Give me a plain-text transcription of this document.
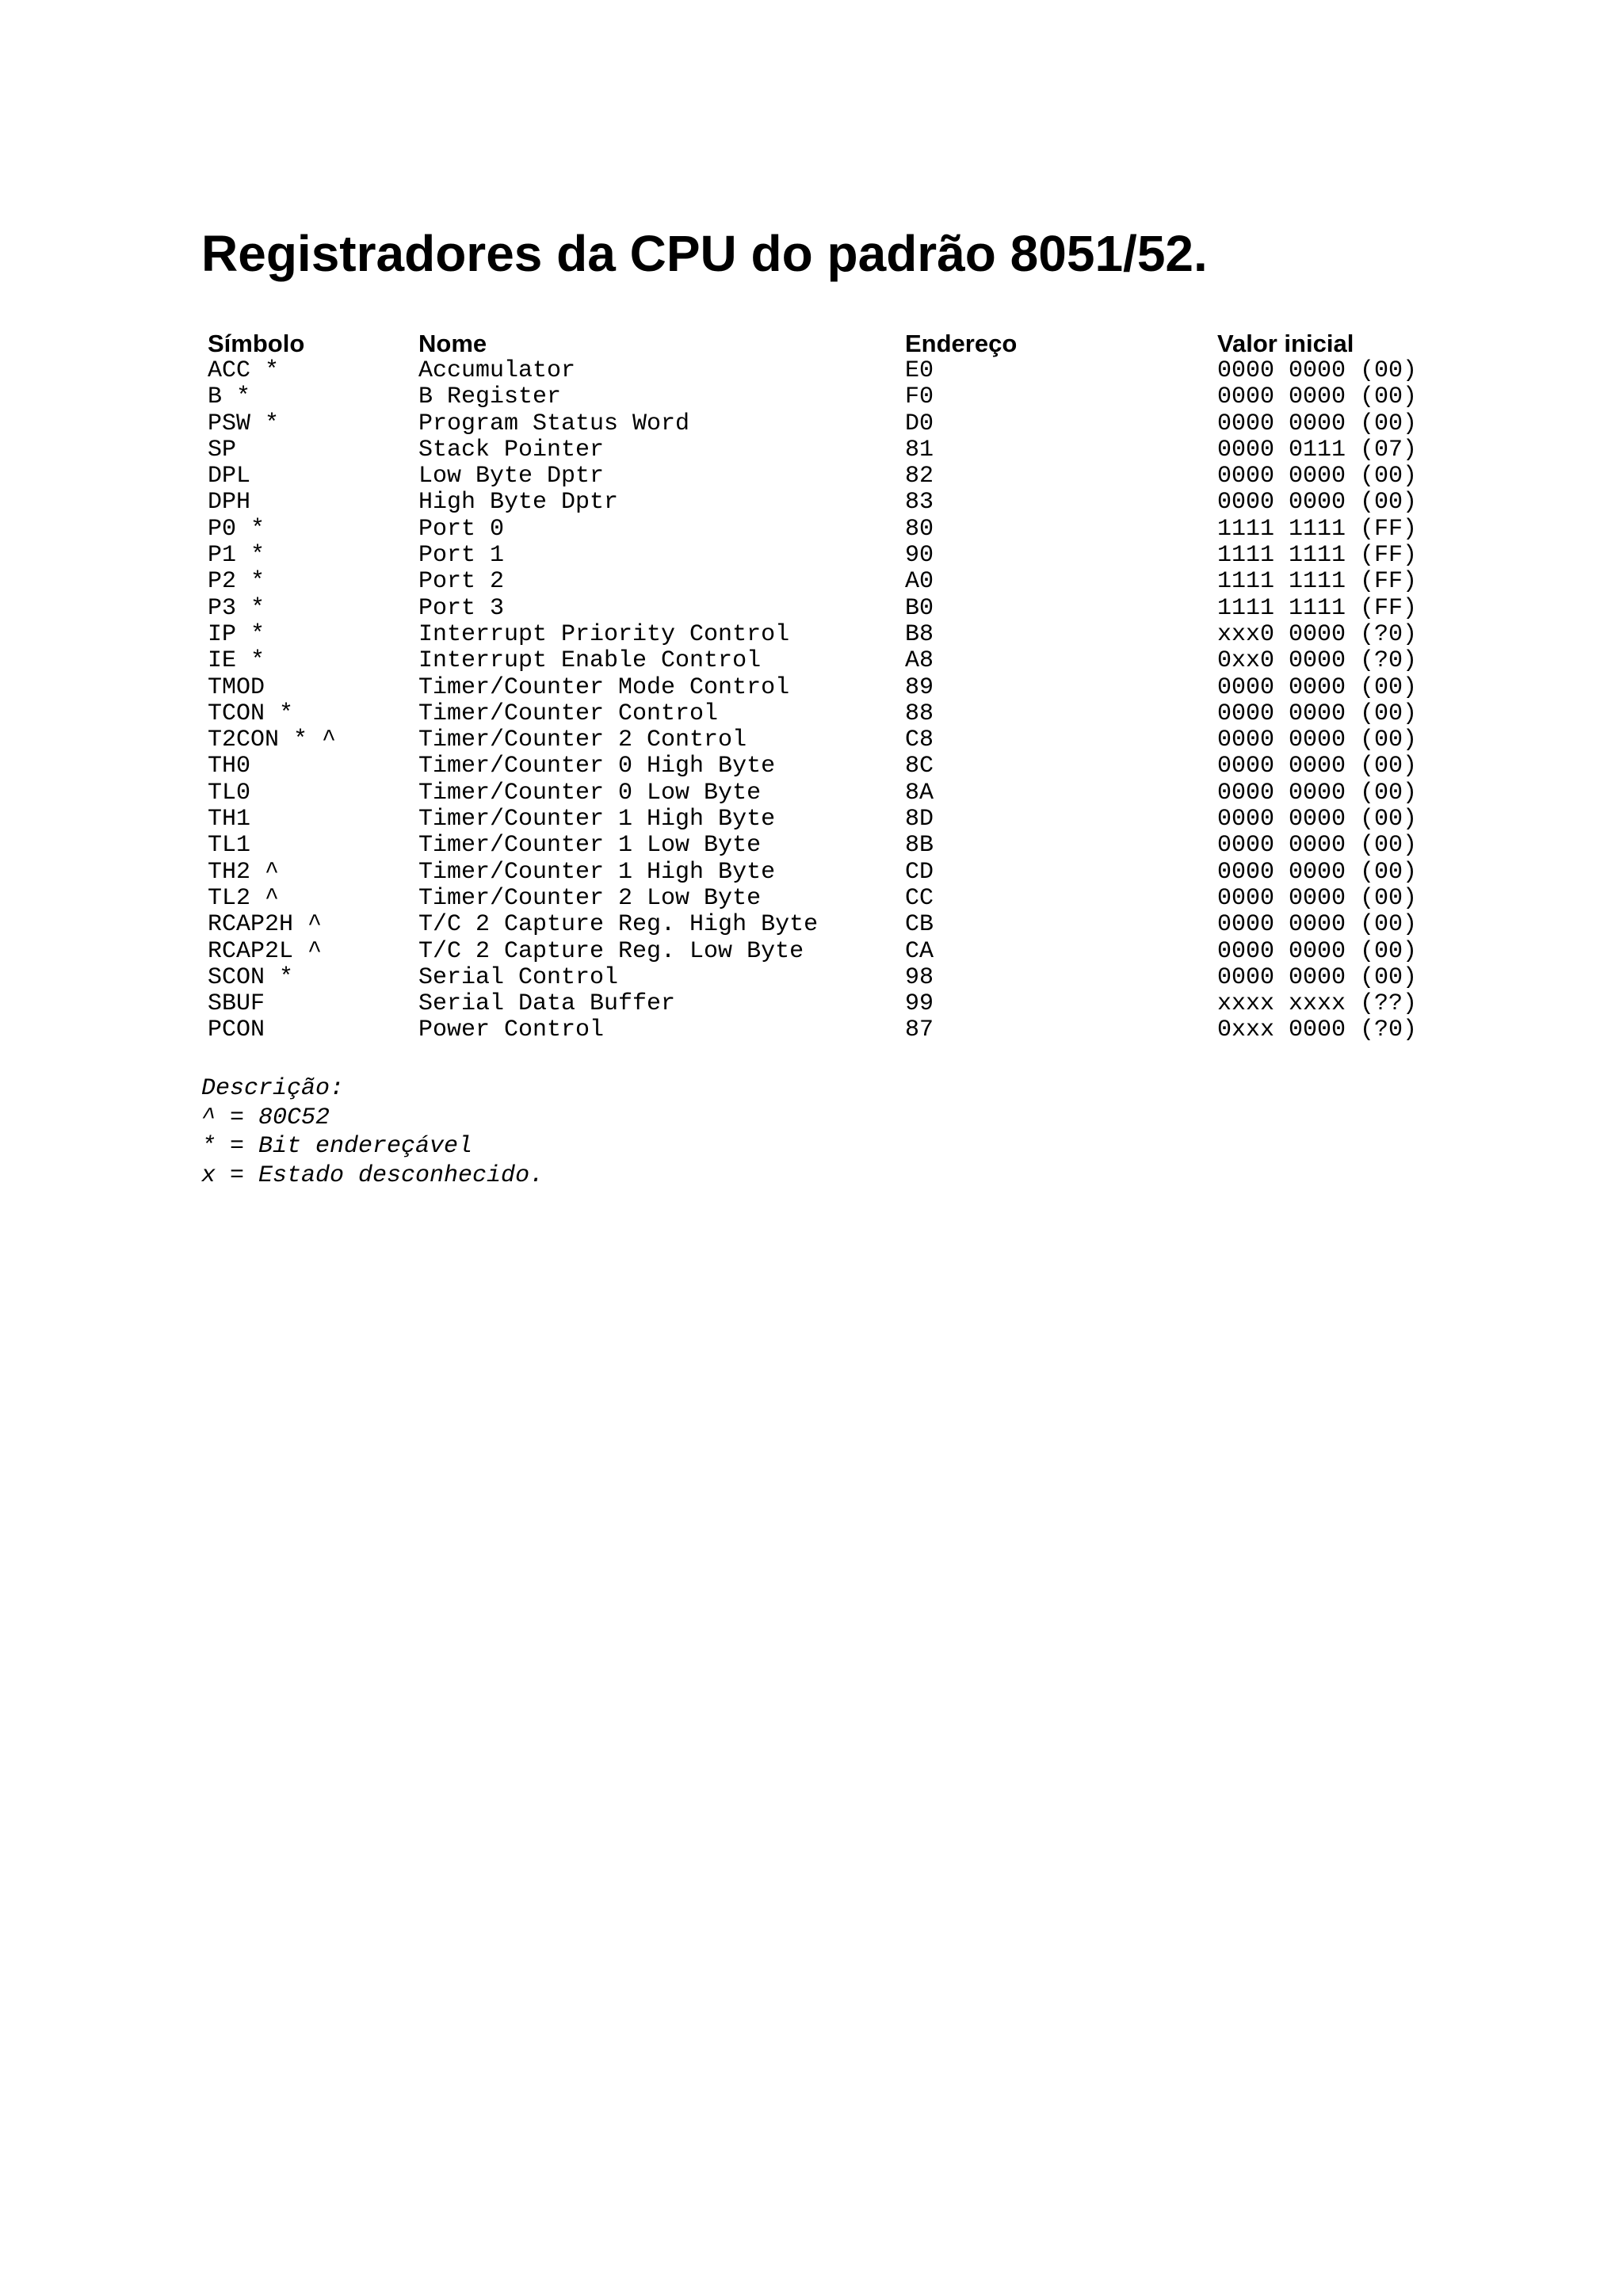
Registradores da CPU do padrão 8051/52.
Símbolo	Nome	Endereço	Valor inicial
ACC *	Accumulator	E0	0000 0000 (00)
B *	B Register	F0	0000 0000 (00)
PSW *	Program Status Word	D0	0000 0000 (00)
SP	Stack Pointer	81	0000 0111 (07)
DPL	Low Byte Dptr	82	0000 0000 (00)
DPH	High Byte Dptr	83	0000 0000 (00)
P0 *	Port 0	80	1111 1111 (FF)
P1 *	Port 1	90	1111 1111 (FF)
P2 *	Port 2	A0	1111 1111 (FF)
P3 *	Port 3	B0	1111 1111 (FF)
IP *	Interrupt Priority Control	B8	xxx0 0000 (?0)
IE *	Interrupt Enable Control	A8	0xx0 0000 (?0)
TMOD	Timer/Counter Mode Control	89	0000 0000 (00)
TCON *	Timer/Counter Control	88	0000 0000 (00)
T2CON * ^	Timer/Counter 2 Control	C8	0000 0000 (00)
TH0	Timer/Counter 0 High Byte	8C	0000 0000 (00)
TL0	Timer/Counter 0 Low Byte	8A	0000 0000 (00)
TH1	Timer/Counter 1 High Byte	8D	0000 0000 (00)
TL1	Timer/Counter 1 Low Byte	8B	0000 0000 (00)
TH2 ^	Timer/Counter 1 High Byte	CD	0000 0000 (00)
TL2 ^	Timer/Counter 2 Low Byte	CC	0000 0000 (00)
RCAP2H ^	T/C 2 Capture Reg. High Byte	CB	0000 0000 (00)
RCAP2L ^	T/C 2 Capture Reg. Low Byte	CA	0000 0000 (00)
SCON *	Serial Control	98	0000 0000 (00)
SBUF	Serial Data Buffer	99	xxxx xxxx (??)
PCON	Power Control	87	0xxx 0000 (?0)
Descrição:
^ = 80C52
* = Bit endereçável
x = Estado desconhecido.
